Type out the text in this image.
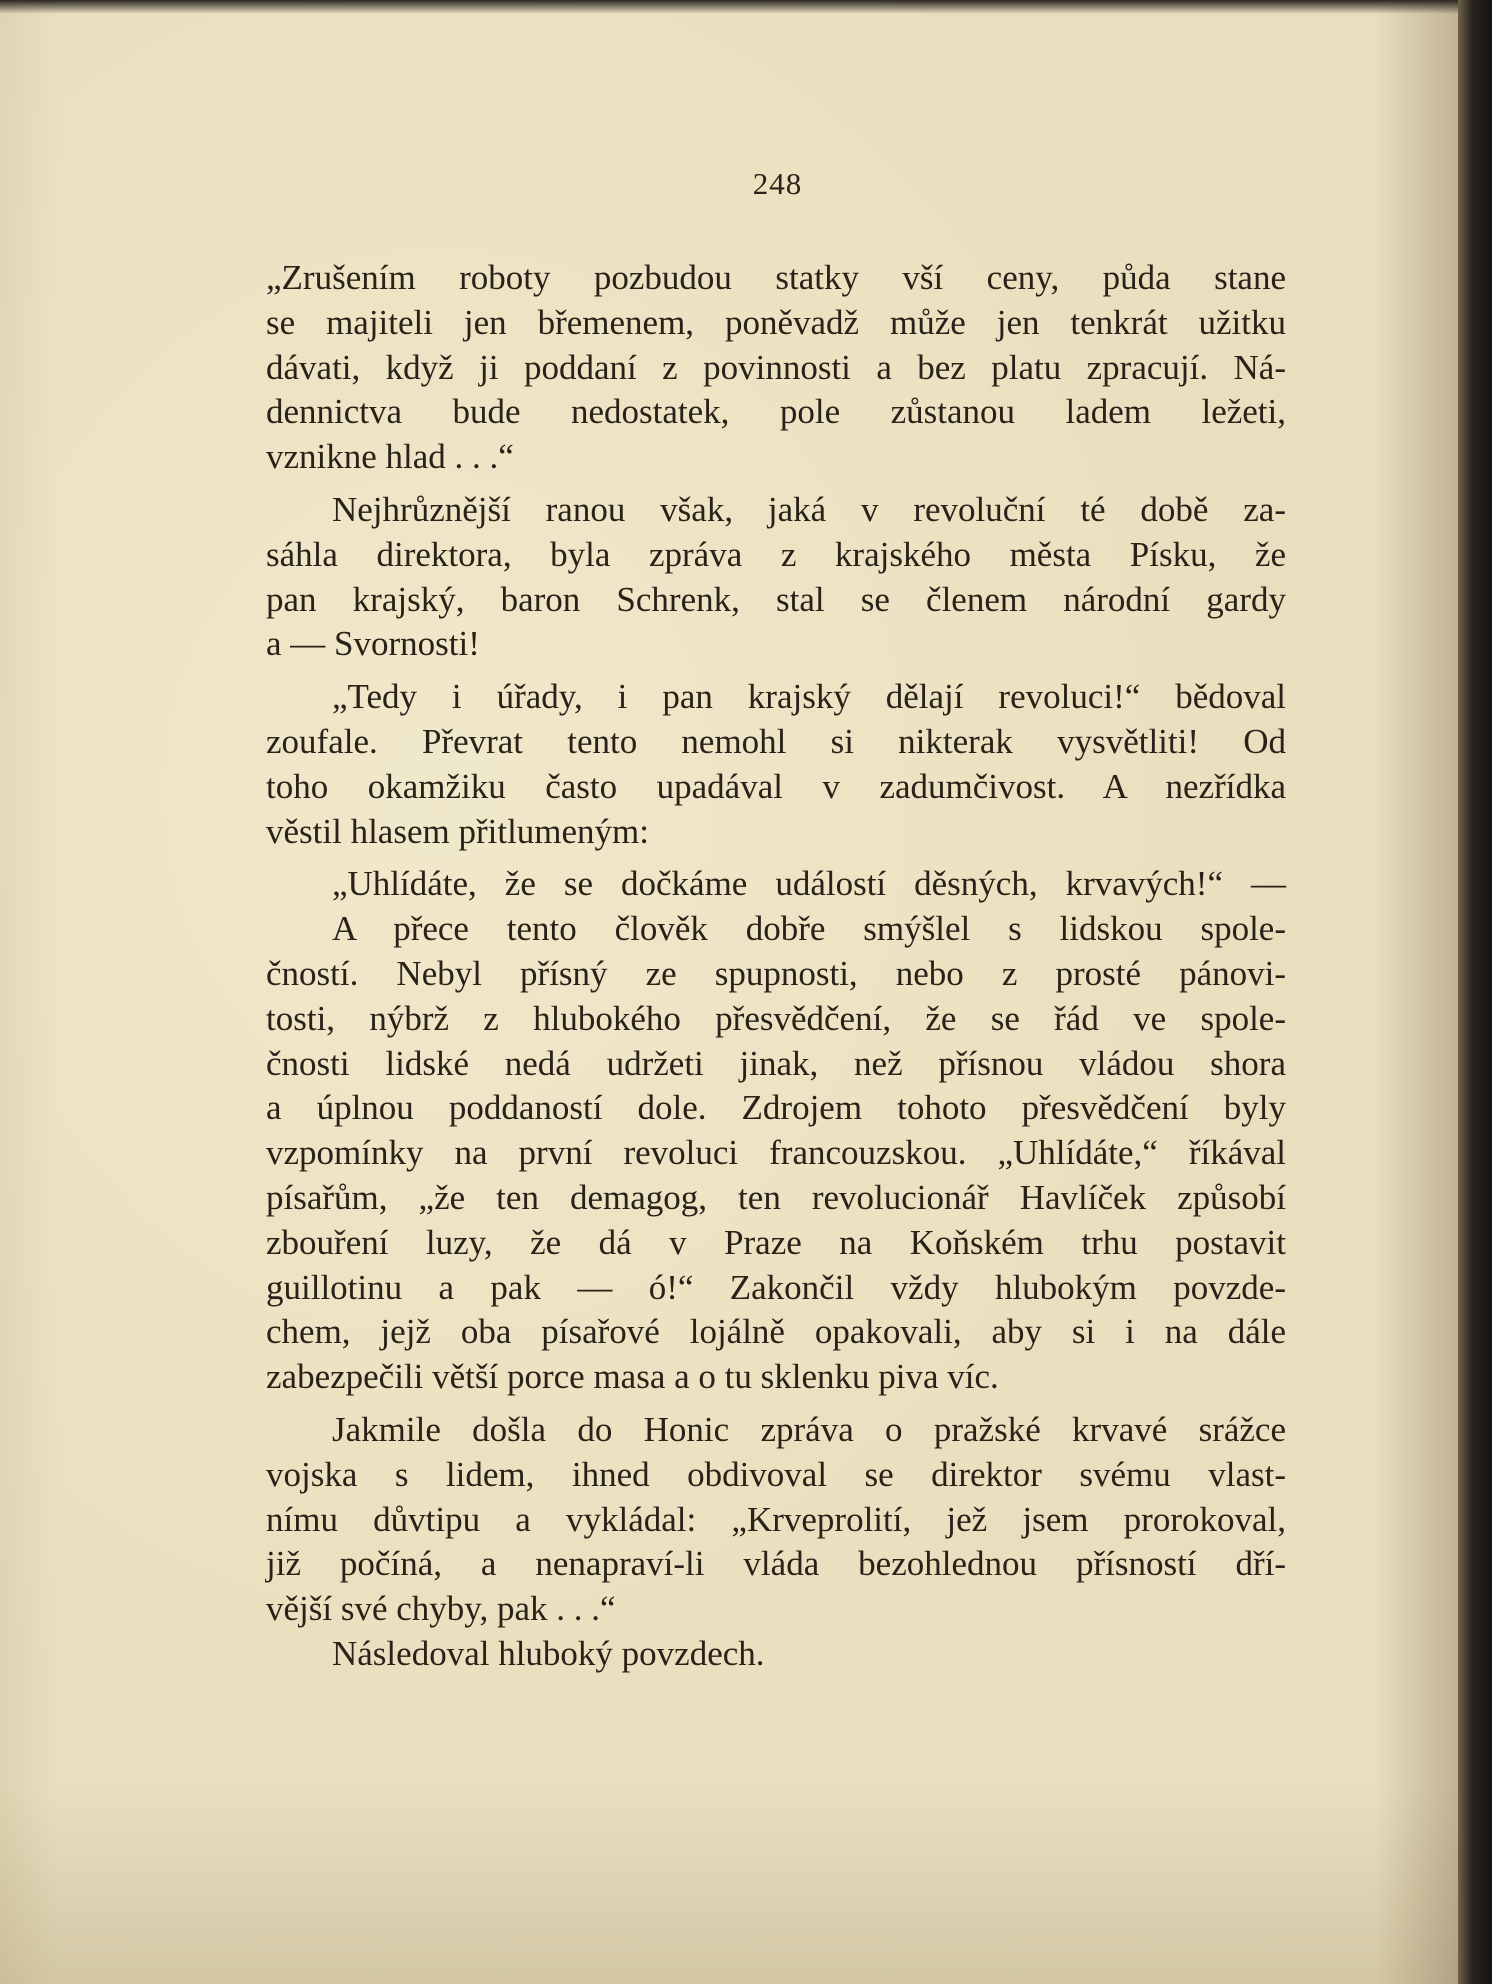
248
„Zrušením roboty pozbudou statky vší ceny, půda stane
se majiteli jen břemenem, poněvadž může jen tenkrát užitku
dávati, když ji poddaní z povinnosti a bez platu zpracují. Ná-
dennictva bude nedostatek, pole zůstanou ladem ležeti,
vznikne hlad . . .“
Nejhrůznější ranou však, jaká v revoluční té době za-
sáhla direktora, byla zpráva z krajského města Písku, že
pan krajský, baron Schrenk, stal se členem národní gardy
a — Svornosti!
„Tedy i úřady, i pan krajský dělají revoluci!“ bědoval
zoufale. Převrat tento nemohl si nikterak vysvětliti! Od
toho okamžiku často upadával v zadumčivost. A nezřídka
věstil hlasem přitlumeným:
„Uhlídáte, že se dočkáme událostí děsných, krvavých!“ —
A přece tento člověk dobře smýšlel s lidskou spole-
čností. Nebyl přísný ze spupnosti, nebo z prosté pánovi-
tosti, nýbrž z hlubokého přesvědčení, že se řád ve spole-
čnosti lidské nedá udržeti jinak, než přísnou vládou shora
a úplnou poddaností dole. Zdrojem tohoto přesvědčení byly
vzpomínky na první revoluci francouzskou. „Uhlídáte,“ říkával
písařům, „že ten demagog, ten revolucionář Havlíček způsobí
zbouření luzy, že dá v Praze na Koňském trhu postavit
guillotinu a pak — ó!“ Zakončil vždy hlubokým povzde-
chem, jejž oba písařové lojálně opakovali, aby si i na dále
zabezpečili větší porce masa a o tu sklenku piva víc.
Jakmile došla do Honic zpráva o pražské krvavé srážce
vojska s lidem, ihned obdivoval se direktor svému vlast-
nímu důvtipu a vykládal: „Krveprolití, jež jsem prorokoval,
již počíná, a nenapraví-li vláda bezohlednou přísností dří-
vější své chyby, pak . . .“
Následoval hluboký povzdech.
